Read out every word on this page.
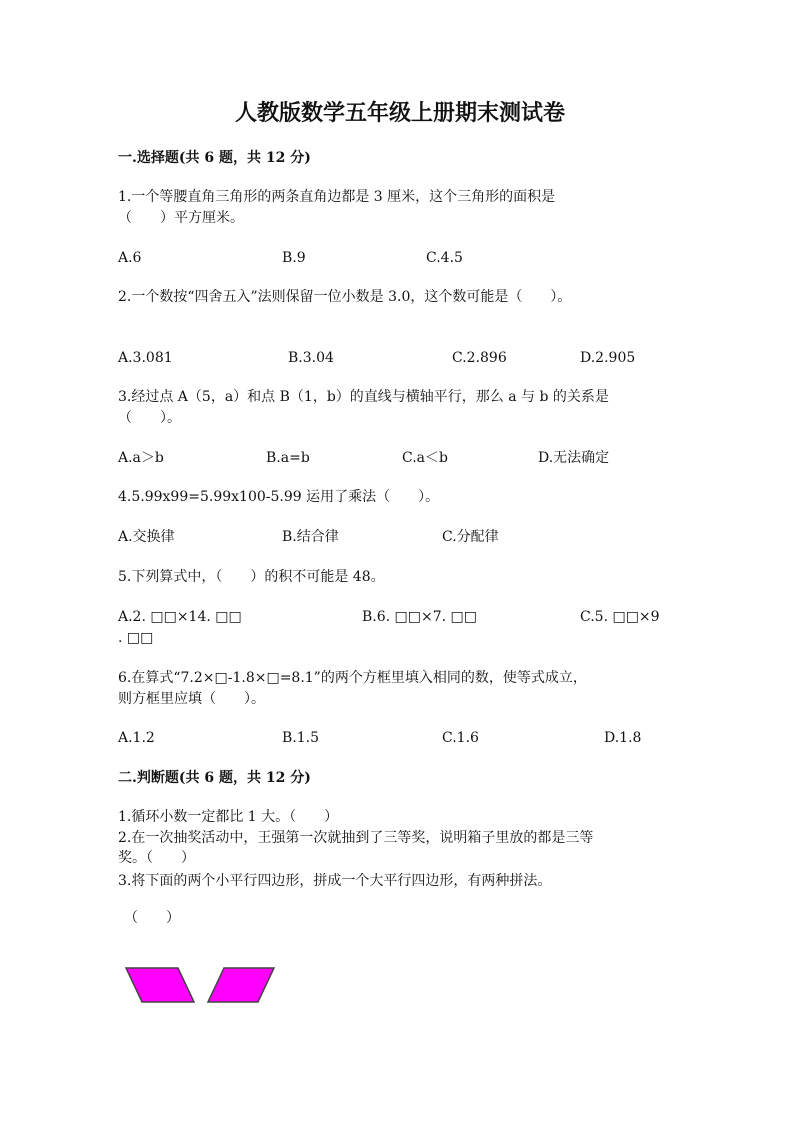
人教版数学五年级上册期末测试卷
一.选择题(共 6 题，共 12 分)
1.一个等腰直角三角形的两条直角边都是 3 厘米，这个三角形的面积是
（　　）平方厘米。
A.6	B.9	C.4.5
2.一个数按“四舍五入”法则保留一位小数是 3.0，这个数可能是（　　）。
A.3.081	B.3.04	C.2.896	D.2.905
3.经过点 A（5，a）和点 B（1，b）的直线与横轴平行，那么 a 与 b 的关系是
（　　）。
A.a＞b	B.a=b	C.a＜b	D.无法确定
4.5.99x99=5.99x100-5.99 运用了乘法（　　）。
A.交换律	B.结合律	C.分配律
5.下列算式中，（　　）的积不可能是 48。
A.2. □□×14. □□	B.6. □□×7. □□	C.5. □□×9
. □□
6.在算式“7.2×□-1.8×□=8.1”的两个方框里填入相同的数，使等式成立，
则方框里应填（　　）。
A.1.2	B.1.5	C.1.6	D.1.8
二.判断题(共 6 题，共 12 分)
1.循环小数一定都比 1 大。（　　）
2.在一次抽奖活动中，王强第一次就抽到了三等奖，说明箱子里放的都是三等
奖。（　　）
3.将下面的两个小平行四边形，拼成一个大平行四边形，有两种拼法。
（　　）
